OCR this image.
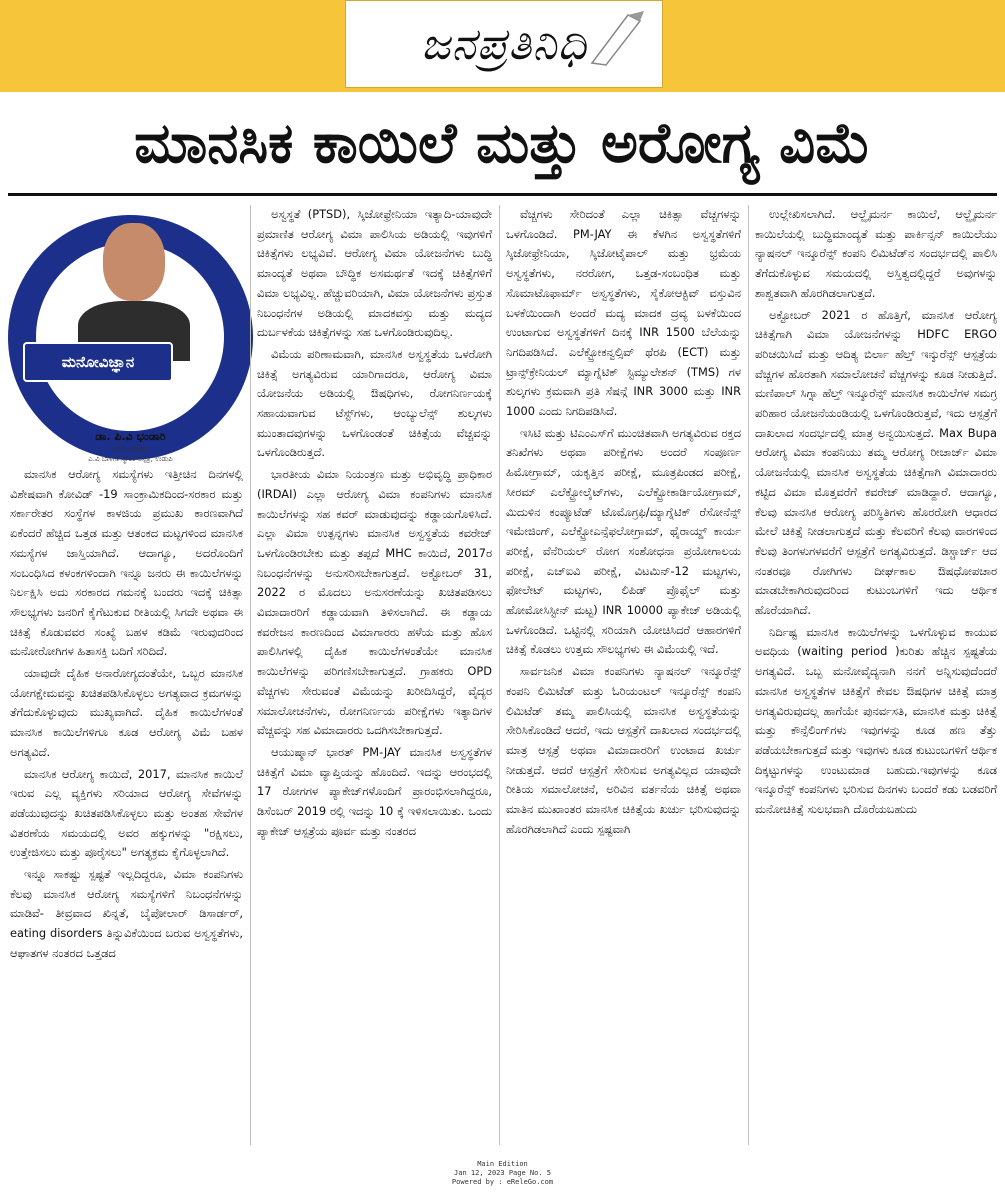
ಜನಪ್ರತಿನಿಧಿ
ಮಾನಸಿಕ ಕಾಯಿಲೆ ಮತ್ತು ಅರೋಗ್ಯ ವಿಮೆ
ಮನೋವಿಜ್ಞಾನ
ಡಾ. ಪಿ.ವಿ ಭಂಡಾರಿ
ಮನೋವೈದ್ಯರು
ಎ.ವಿ ಬಾಳಿಗಾ ಸ್ಮಾರಕ ಆಸ್ಪತ್ರೆ, ಉಡುಪಿ

ಮಾನಸಿಕ ಆರೋಗ್ಯ ಸಮಸ್ಯೆಗಳು ಇತ್ತೀಚಿನ ದಿನಗಳಲ್ಲಿ ವಿಶೇಷವಾಗಿ ಕೋವಿಡ್ -19 ಸಾಂಕ್ರಾಮಿಕದಿಂದ-ಸರಕಾರ ಮತ್ತು ಸರ್ಕಾರೇತರ ಸಂಸ್ಥೆಗಳ ಕಾಳಜಿಯ ಪ್ರಮುಖ ಕಾರಣವಾಗಿದೆ ಏಕೆಂದರೆ ಹೆಚ್ಚಿದ ಒತ್ತಡ ಮತ್ತು ಆತಂಕದ ಮಟ್ಟಗಳಿಂದ ಮಾನಸಿಕ ಸಮಸ್ಯೆಗಳ ಜಾಸ್ತಿಯಾಗಿದೆ. ಆದಾಗ್ಯೂ, ಅದರೊಂದಿಗೆ ಸಂಬಂಧಿಸಿದ ಕಳಂಕಗಳಿಂದಾಗಿ ಇನ್ನೂ ಜನರು ಈ ಕಾಯಿಲೆಗಳನ್ನು ನಿರ್ಲಕ್ಷಿಸಿ ಅದು ಸರಕಾರದ ಗಮನಕ್ಕೆ ಬಂದರು ಇದಕ್ಕೆ ಚಿಕಿತ್ಸಾ ಸೌಲಭ್ಯಗಳು ಜನರಿಗೆ ಕೈಗೆಟುಕುವ ರೀತಿಯಲ್ಲಿ ಸಿಗದೇ ಅಥವಾ ಈ ಚಿಕಿತ್ಸೆ ಕೊಡುವವರ ಸಂಖ್ಯೆ ಬಹಳ ಕಡಿಮೆ ಇರುವುದರಿಂದ ಮನೋರೋಗಿಗಳ ಹಿತಾಸಕ್ತಿ ಬದಿಗೆ ಸರಿದಿದೆ.

ಯಾವುದೇ ದೈಹಿಕ ಅನಾರೋಗ್ಯದಂತೆಯೇ, ಒಬ್ಬರ ಮಾನಸಿಕ ಯೋಗಕ್ಷೇಮವನ್ನು ಖಚಿತಪಡಿಸಿಕೊಳ್ಳಲು ಅಗತ್ಯವಾದ ಕ್ರಮಗಳನ್ನು ತೆಗೆದುಕೊಳ್ಳುವುದು ಮುಖ್ಯವಾಗಿದೆ. ದೈಹಿಕ ಕಾಯಿಲೆಗಳಂತೆ ಮಾನಸಿಕ ಕಾಯಿಲೆಗಳಿಗೂ ಕೂಡ ಆರೋಗ್ಯ ವಿಮೆ ಬಹಳ ಅಗತ್ಯವಿದೆ.

ಮಾನಸಿಕ ಆರೋಗ್ಯ ಕಾಯಿದೆ, 2017, ಮಾನಸಿಕ ಕಾಯಿಲೆ ಇರುವ ಎಲ್ಲ ವ್ಯಕ್ತಿಗಳು ಸರಿಯಾದ ಆರೋಗ್ಯ ಸೇವೆಗಳನ್ನು ಪಡೆಯುವುದನ್ನು ಖಚಿತಪಡಿಸಿಕೊಳ್ಳಲು ಮತ್ತು ಅಂತಹ ಸೇವೆಗಳ ವಿತರಣೆಯ ಸಮಯದಲ್ಲಿ ಅವರ ಹಕ್ಕುಗಳನ್ನು "ರಕ್ಷಿಸಲು, ಉತ್ತೇಜಿಸಲು ಮತ್ತು ಪೂರೈಸಲು" ಅಗತ್ಯಕ್ರಮ ಕೈಗೊಳ್ಳಲಾಗಿದೆ.

ಇನ್ನೂ ಸಾಕಷ್ಟು ಸ್ಪಷ್ಟತೆ ಇಲ್ಲದಿದ್ದರೂ, ವಿಮಾ ಕಂಪನಿಗಳು ಕೆಲವು ಮಾನಸಿಕ ಆರೋಗ್ಯ ಸಮಸ್ಯೆಗಳಿಗೆ ನಿಬಂಧನೆಗಳನ್ನು ಮಾಡಿವೆ- ತೀವ್ರವಾದ ಖಿನ್ನತೆ, ಬೈಪೋಲಾರ್ ಡಿಸಾರ್ಡರ್, eating disorders ತಿನ್ನುವಿಕೆಯಿಂದ ಬರುವ ಅಸ್ವಸ್ಥತೆಗಳು, ಆಘಾತಗಳ ನಂತರದ ಒತ್ತಡದ

ಅಸ್ವಸ್ಥತೆ (PTSD), ಸ್ಕಿಜೋಫ್ರೇನಿಯಾ ಇತ್ಯಾದಿ-ಯಾವುದೇ ಪ್ರಮಾಣಿತ ಆರೋಗ್ಯ ವಿಮಾ ಪಾಲಿಸಿಯ ಅಡಿಯಲ್ಲಿ ಇವುಗಳಿಗೆ ಚಿಕಿತ್ಸೆಗಳು ಲಭ್ಯವಿವೆ. ಆರೋಗ್ಯ ವಿಮಾ ಯೋಜನೆಗಳು ಬುದ್ಧಿ ಮಾಂದ್ಯತೆ ಅಥವಾ ಬೌದ್ಧಿಕ ಅಸಮರ್ಥತೆ ಇದಕ್ಕೆ ಚಿಕಿತ್ಸೆಗಳಿಗೆ ವಿಮಾ ಲಭ್ಯವಿಲ್ಲ. ಹೆಚ್ಚುವರಿಯಾಗಿ, ವಿಮಾ ಯೋಜನೆಗಳು ಪ್ರಸ್ತುತ ನಿಬಂಧನೆಗಳ ಅಡಿಯಲ್ಲಿ ಮಾದಕವಸ್ತು ಮತ್ತು ಮದ್ಯದ ದುರ್ಬಳಕೆಯ ಚಿಕಿತ್ಸೆಗಳನ್ನು ಸಹ ಒಳಗೊಂಡಿರುವುದಿಲ್ಲ.

ವಿಮೆಯ ಪರಿಣಾಮವಾಗಿ, ಮಾನಸಿಕ ಅಸ್ವಸ್ಥತೆಯ ಒಳರೋಗಿ ಚಿಕಿತ್ಸೆ ಅಗತ್ಯವಿರುವ ಯಾರಿಗಾದರೂ, ಆರೋಗ್ಯ ವಿಮಾ ಯೋಜನೆಯ ಅಡಿಯಲ್ಲಿ ಔಷಧಿಗಳು, ರೋಗನಿರ್ಣಯಕ್ಕೆ ಸಹಾಯವಾಗುವ ಟೆಸ್ಟ್‌ಗಳು, ಆಂಬ್ಯುಲೆನ್ಸ್ ಶುಲ್ಕಗಳು ಮುಂತಾದವುಗಳನ್ನು ಒಳಗೊಂಡಂತೆ ಚಿಕಿತ್ಸೆಯ ವೆಚ್ಚವನ್ನು ಒಳಗೊಂಡಿರುತ್ತದೆ.

ಭಾರತೀಯ ವಿಮಾ ನಿಯಂತ್ರಣ ಮತ್ತು ಅಭಿವೃದ್ಧಿ ಪ್ರಾಧಿಕಾರ (IRDAI) ಎಲ್ಲಾ ಆರೋಗ್ಯ ವಿಮಾ ಕಂಪನಿಗಳು ಮಾನಸಿಕ ಕಾಯಿಲೆಗಳನ್ನು ಸಹ ಕವರ್ ಮಾಡುವುದನ್ನು ಕಡ್ಡಾಯಗೊಳಿಸಿದೆ. ಎಲ್ಲಾ ವಿಮಾ ಉತ್ಪನ್ನಗಳು ಮಾನಸಿಕ ಅಸ್ವಸ್ಥತೆಯ ಕವರೇಜ್ ಒಳಗೊಂಡಿರಬೇಕು ಮತ್ತು ತಪ್ಪದೆ MHC ಕಾಯಿದೆ, 2017ರ ನಿಬಂಧನೆಗಳನ್ನು ಅನುಸರಿಸಬೇಕಾಗುತ್ತದೆ. ಅಕ್ಟೋಬರ್ 31, 2022 ರ ಮೊದಲು ಅನುಸರಣೆಯನ್ನು ಖಚಿತಪಡಿಸಲು ವಿಮಾದಾರರಿಗೆ ಕಡ್ಡಾಯವಾಗಿ ತಿಳಿಸಲಾಗಿದೆ. ಈ ಕಡ್ಡಾಯ ಕವರೇಜನ ಕಾರಣದಿಂದ ವಿಮಾಗಾರರು ಹಳೆಯ ಮತ್ತು ಹೊಸ ಪಾಲಿಸಿಗಳಲ್ಲಿ ದೈಹಿಕ ಕಾಯಿಲೆಗಳಂತೆಯೇ ಮಾನಸಿಕ ಕಾಯಿಲೆಗಳನ್ನು ಪರಿಗಣಿಸಬೇಕಾಗುತ್ತದೆ. ಗ್ರಾಹಕರು OPD ವೆಚ್ಚಗಳು ಸೇರುವಂತೆ ವಿಮೆಯನ್ನು ಖರೀದಿಸಿದ್ದರೆ, ವೈದ್ಯರ ಸಮಾಲೋಚನೆಗಳು, ರೋಗನಿರ್ಣಯ ಪರೀಕ್ಷೆಗಳು ಇತ್ಯಾದಿಗಳ ವೆಚ್ಚವನ್ನು ಸಹ ವಿಮಾದಾರರು ಒದಗಿಸಬೇಕಾಗುತ್ತದೆ.

ಆಯುಷ್ಮಾನ್ ಭಾರತ್ PM-JAY ಮಾನಸಿಕ ಅಸ್ವಸ್ಥತೆಗಳ ಚಿಕಿತ್ಸೆಗೆ ವಿಮಾ ವ್ಯಾಪ್ತಿಯನ್ನು ಹೊಂದಿದೆ. ಇದನ್ನು ಆರಂಭದಲ್ಲಿ 17 ರೋಗಗಳ ಪ್ಯಾಕೇಜ್‌ಗಳೊಂದಿಗೆ ಪ್ರಾರಂಭಿಸಲಾಗಿದ್ದರೂ, ಡಿಸೆಂಬರ್ 2019 ರಲ್ಲಿ ಇದನ್ನು 10 ಕ್ಕೆ ಇಳಿಸಲಾಯಿತು. ಒಂದು ಪ್ಯಾಕೇಜ್ ಆಸ್ಪತ್ರೆಯ ಪೂರ್ವ ಮತ್ತು ನಂತರದ

ವೆಚ್ಚಗಳು ಸೇರಿದಂತೆ ಎಲ್ಲಾ ಚಿಕಿತ್ಸಾ ವೆಚ್ಚಗಳನ್ನು ಒಳಗೊಂಡಿದೆ. PM-JAY ಈ ಕೆಳಗಿನ ಅಸ್ವಸ್ಥತೆಗಳಿಗೆ ಸ್ಕಿಜೋಫ್ರೇನಿಯಾ, ಸ್ಕಿಜೋಟೈಪಾಲ್ ಮತ್ತು ಭ್ರಮೆಯ ಅಸ್ವಸ್ಥತೆಗಳು, ನರರೋಗ, ಒತ್ತಡ-ಸಂಬಂಧಿತ ಮತ್ತು ಸೊಮಾಟೊಫಾರ್ಮ್ ಅಸ್ವಸ್ಥತೆಗಳು, ಸೈಕೋಆಕ್ಟಿವ್ ವಸ್ತುವಿನ ಬಳಕೆಯಿಂದಾಗಿ ಅಂದರೆ ಮದ್ಯ ಮಾದಕ ದ್ರವ್ಯ ಬಳಕೆಯಿಂದ ಉಂಟಾಗುವ ಅಸ್ವಸ್ಥತೆಗಳಿಗೆ ದಿನಕ್ಕೆ INR 1500 ಬೆಲೆಯನ್ನು ನಿಗದಿಪಡಿಸಿದೆ. ಎಲೆಕ್ಟ್ರೋಕನ್ವಲ್ಸಿವ್ ಥೆರಪಿ (ECT) ಮತ್ತು ಟ್ರಾನ್ಸ್‌ಕ್ರೇನಿಯಲ್ ಮ್ಯಾಗ್ನೆಟಿಕ್ ಸ್ಟಿಮ್ಯುಲೇಶನ್ (TMS) ಗಳ ಶುಲ್ಕಗಳು ಕ್ರಮವಾಗಿ ಪ್ರತಿ ಸೆಷನ್ಗೆ INR 3000 ಮತ್ತು INR 1000 ಎಂದು ನಿಗದಿಪಡಿಸಿದೆ.

ಇಸಿಟಿ ಮತ್ತು ಟಿಎಂಎಸ್‌ಗೆ ಮುಂಚಿತವಾಗಿ ಅಗತ್ಯವಿರುವ ರಕ್ತದ ತನಿಖೆಗಳು ಅಥವಾ ಪರೀಕ್ಷೆಗಳು ಅಂದರೆ ಸಂಪೂರ್ಣ ಹಿಮೋಗ್ರಾಮ್, ಯಕೃತ್ತಿನ ಪರೀಕ್ಷೆ, ಮೂತ್ರಪಿಂಡದ ಪರೀಕ್ಷೆ, ಸೀರಮ್ ಎಲೆಕ್ಟ್ರೋಲೈಟ್‌ಗಳು, ಎಲೆಕ್ಟ್ರೋಕಾರ್ಡಿಯೋಗ್ರಾಮ್, ಮಿದುಳಿನ ಕಂಪ್ಯೂಟೆಡ್ ಟೊಮೊಗ್ರಫಿ/ಮ್ಯಾಗ್ನೆಟಿಕ್ ರೆಸೋನೆನ್ಸ್ ಇಮೇಜಿಂಗ್, ಎಲೆಕ್ಟ್ರೋಎನ್ಸೆಫಲೋಗ್ರಾಮ್, ಥೈರಾಯ್ಡ್ ಕಾರ್ಯ ಪರೀಕ್ಷೆ, ವೆನೆರಿಯಲ್ ರೋಗ ಸಂಶೋಧನಾ ಪ್ರಯೋಗಾಲಯ ಪರೀಕ್ಷೆ, ಎಚ್ಐವಿ ಪರೀಕ್ಷೆ, ವಿಟಮಿನ್-12 ಮಟ್ಟಗಳು, ಫೋಲೇಟ್ ಮಟ್ಟಗಳು, ಲಿಪಿಡ್ ಪ್ರೊಫೈಲ್ ಮತ್ತು ಹೋಮೋಸಿಸ್ಟೀನ್ ಮಟ್ಟ) INR 10000 ಪ್ಯಾಕೇಜ್ ಅಡಿಯಲ್ಲಿ ಒಳಗೊಂಡಿದೆ. ಒಟ್ಟಿನಲ್ಲಿ ಸರಿಯಾಗಿ ಯೋಚಿಸಿದರೆ ಆಹಾರಗಳಿಗೆ ಚಿಕಿತ್ಸೆ ಕೊಡಲು ಉತ್ತಮ ಸೌಲಭ್ಯಗಳು ಈ ವಿಮೆಯಲ್ಲಿ ಇದೆ.

ಸಾರ್ವಜನಿಕ ವಿಮಾ ಕಂಪನಿಗಳು ನ್ಯಾಷನಲ್ ಇನ್ಶೂರೆನ್ಸ್ ಕಂಪನಿ ಲಿಮಿಟೆಡ್ ಮತ್ತು ಓರಿಯಂಟಲ್ ಇನ್ಶೂರೆನ್ಸ್ ಕಂಪನಿ ಲಿಮಿಟೆಡ್ ತಮ್ಮ ಪಾಲಿಸಿಯಲ್ಲಿ ಮಾನಸಿಕ ಅಸ್ವಸ್ಥತೆಯನ್ನು ಸೇರಿಸಿಕೊಂಡಿದೆ ಆದರೆ, ಇದು ಆಸ್ಪತ್ರೆಗೆ ದಾಖಲಾದ ಸಂದರ್ಭದಲ್ಲಿ ಮಾತ್ರ ಆಸ್ಪತ್ರೆ ಅಥವಾ ವಿಮಾದಾರರಿಗೆ ಉಂಟಾದ ಖರ್ಚು ನೀಡುತ್ತದೆ. ಆದರೆ ಆಸ್ಪತ್ರೆಗೆ ಸೇರಿಸುವ ಅಗತ್ಯವಿಲ್ಲದ ಯಾವುದೇ ರೀತಿಯ ಸಮಾಲೋಚನೆ, ಅರಿವಿನ ವರ್ತನೆಯ ಚಿಕಿತ್ಸೆ ಅಥವಾ ಮಾತಿನ ಮುಖಾಂತರ ಮಾನಸಿಕ ಚಿಕಿತ್ಸೆಯ ಖರ್ಚು ಭರಿಸುವುದನ್ನು ಹೊರಗಿಡಲಾಗಿದೆ ಎಂದು ಸ್ಪಷ್ಟವಾಗಿ

ಉಲ್ಲೇಖಿಸಲಾಗಿದೆ. ಆಲ್ಝೈಮರ್ನ ಕಾಯಿಲೆ, ಆಲ್ಝೈಮರ್ನ ಕಾಯಿಲೆಯಲ್ಲಿ ಬುದ್ಧಿಮಾಂದ್ಯತೆ ಮತ್ತು ಪಾರ್ಕಿನ್ಸನ್ ಕಾಯಿಲೆಯು ನ್ಯಾಷನಲ್ ಇನ್ಶೂರೆನ್ಸ್ ಕಂಪನಿ ಲಿಮಿಟೆಡ್‌ನ ಸಂದರ್ಭದಲ್ಲಿ ಪಾಲಿಸಿ ತೆಗೆದುಕೊಳ್ಳುವ ಸಮಯದಲ್ಲಿ ಅಸ್ತಿತ್ವದಲ್ಲಿದ್ದರೆ ಅವುಗಳನ್ನು ಶಾಶ್ವತವಾಗಿ ಹೊರಗಿಡಲಾಗುತ್ತದೆ.

ಅಕ್ಟೋಬರ್ 2021 ರ ಹೊತ್ತಿಗೆ, ಮಾನಸಿಕ ಆರೋಗ್ಯ ಚಿಕಿತ್ಸೆಗಾಗಿ ವಿಮಾ ಯೋಜನೆಗಳನ್ನು HDFC ERGO ಪರಿಚಯಿಸಿದೆ ಮತ್ತು ಆದಿತ್ಯ ಬಿರ್ಲಾ ಹೆಲ್ತ್ ಇನ್ಶುರೆನ್ಸ್ ಆಸ್ಪತ್ರೆಯ ವೆಚ್ಚಗಳ ಹೊರತಾಗಿ ಸಮಾಲೋಚನೆ ವೆಚ್ಚಗಳನ್ನು ಕೂಡ ನೀಡುತ್ತಿದೆ. ಮಣಿಪಾಲ್ ಸಿಗ್ನಾ ಹೆಲ್ತ್ ಇನ್ಶೂರೆನ್ಸ್ ಮಾನಸಿಕ ಕಾಯಿಲೆಗಳ ಸಮಗ್ರ ಪರಿಹಾರ ಯೋಜನೆಯಂಡಿಯಲ್ಲಿ ಒಳಗೊಂಡಿರುತ್ತವೆ, ಇದು ಆಸ್ಪತ್ರೆಗೆ ದಾಖಲಾದ ಸಂದರ್ಭದಲ್ಲಿ ಮಾತ್ರ ಅನ್ವಯಿಸುತ್ತದೆ. Max Bupa ಆರೋಗ್ಯ ವಿಮಾ ಕಂಪನಿಯು ತಮ್ಮ ಆರೋಗ್ಯ ರೀಚಾರ್ಜ್ ವಿಮಾ ಯೋಜನೆಯಲ್ಲಿ ಮಾನಸಿಕ ಅಸ್ವಸ್ಥತೆಯ ಚಿಕಿತ್ಸೆಗಾಗಿ ವಿಮಾದಾರರು ಕಟ್ಟಿದ ವಿಮಾ ಮೊತ್ತವರೆಗೆ ಕವರೇಜ್ ಮಾಡಿದ್ದಾರೆ. ಆದಾಗ್ಯೂ, ಕೆಲವು ಮಾನಸಿಕ ಆರೋಗ್ಯ ಪರಿಸ್ಥಿತಿಗಳು ಹೊರರೋಗಿ ಆಧಾರದ ಮೇಲೆ ಚಿಕಿತ್ಸೆ ನೀಡಲಾಗುತ್ತದೆ ಮತ್ತು ಕೆಲವರಿಗೆ ಕೆಲವು ವಾರಗಳಿಂದ ಕೆಲವು ತಿಂಗಳುಗಳವರೆಗೆ ಆಸ್ಪತ್ರೆಗೆ ಅಗತ್ಯವಿರುತ್ತದೆ. ಡಿಸ್ಚಾರ್ಜ್ ಆದ ನಂತರವೂ ರೋಗಿಗಳು ದೀರ್ಘಕಾಲ ಔಷಧೋಪಚಾರ ಮಾಡಬೇಕಾಗಿರುವುದರಿಂದ ಕುಟುಂಬಗಳಿಗೆ ಇದು ಆರ್ಥಿಕ ಹೊರೆಯಾಗಿದೆ.

ನಿರ್ದಿಷ್ಟ ಮಾನಸಿಕ ಕಾಯಿಲೆಗಳನ್ನು ಒಳಗೊಳ್ಳುವ ಕಾಯುವ ಅವಧಿಯ (waiting period )ಕುರಿತು ಹೆಚ್ಚಿನ ಸ್ಪಷ್ಟತೆಯ ಅಗತ್ಯವಿದೆ. ಒಬ್ಬ ಮನೋವೈದ್ಯನಾಗಿ ನನಗೆ ಅನ್ನಿಸುವುದೆಂದರೆ ಮಾನಸಿಕ ಅಸ್ವಸ್ಥತೆಗಳ ಚಿಕಿತ್ಸೆಗೆ ಕೇವಲ ಔಷಧಿಗಳ ಚಿಕಿತ್ಸೆ ಮಾತ್ರ ಅಗತ್ಯವಿರುವುದಲ್ಲ ಹಾಗೆಯೇ ಪುನರ್ವಸತಿ, ಮಾನಸಿಕ ಮತ್ತು ಚಿಕಿತ್ಸೆ ಮತ್ತು ಕೌನ್ಸೆಲಿಂಗ್‌ಗಳು ಇವುಗಳನ್ನು ಕೂಡ ಹಣ ತೆತ್ತು ಪಡೆಯಬೇಕಾಗುತ್ತದೆ ಮತ್ತು ಇವುಗಳು ಕೂಡ ಕುಟುಂಬಗಳಿಗೆ ಆರ್ಥಿಕ ದಿಕ್ಕಟ್ಟುಗಳನ್ನು ಉಂಟುಮಾಡ ಬಹುದು.ಇವುಗಳನ್ನು ಕೂಡ ಇನ್ಶೂರೆನ್ಸ್ ಕಂಪನಿಗಳು ಭರಿಸುವ ದಿನಗಳು ಬಂದರೆ ಕಡು ಬಡವರಿಗೆ ಮನೋಚಿಕಿತ್ಸೆ ಸುಲಭವಾಗಿ ದೊರೆಯಬಹುದು

Main Edition
Jan 12, 2023 Page No. 5
Powered by : eReleGo.com
